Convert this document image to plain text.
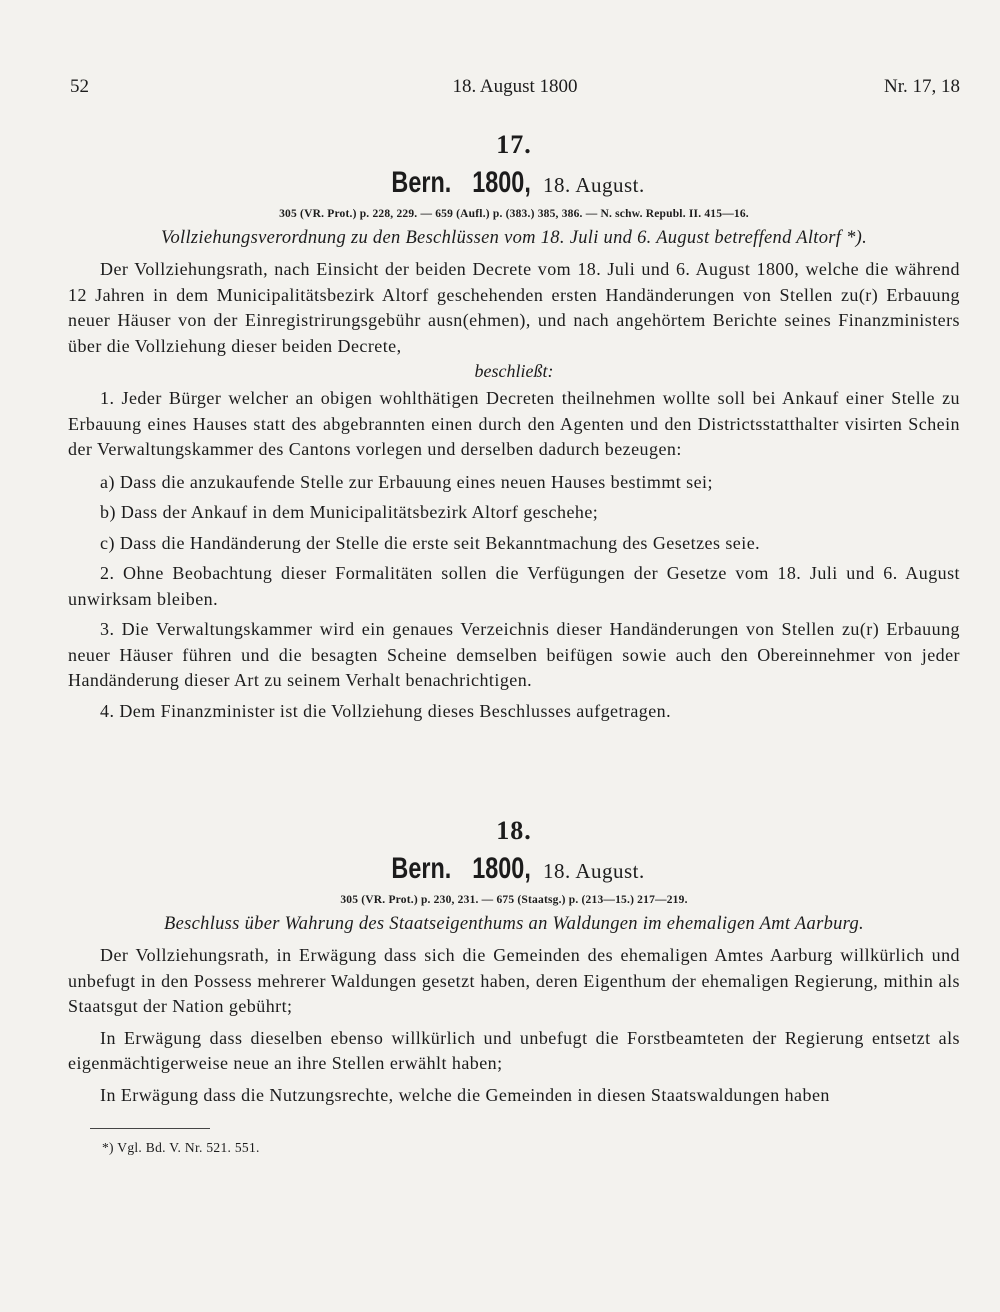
52	18. August 1800	Nr. 17, 18
17.
Bern. 1800, 18. August.
305 (VR. Prot.) p. 228, 229. — 659 (Aufl.) p. (383.) 385, 386. — N. schw. Republ. II. 415—16.
Vollziehungsverordnung zu den Beschlüssen vom 18. Juli und 6. August betreffend Altorf *).

Der Vollziehungsrath, nach Einsicht der beiden Decrete vom 18. Juli und 6. August 1800, welche die während 12 Jahren in dem Municipalitätsbezirk Altorf geschehenden ersten Handänderungen von Stellen zu(r) Erbauung neuer Häuser von der Einregistrirungsgebühr ausn(ehmen), und nach angehörtem Berichte seines Finanzministers über die Vollziehung dieser beiden Decrete,

beschließt:

1. Jeder Bürger welcher an obigen wohlthätigen Decreten theilnehmen wollte soll bei Ankauf einer Stelle zu Erbauung eines Hauses statt des abgebrannten einen durch den Agenten und den Districtsstatthalter visirten Schein der Verwaltungskammer des Cantons vorlegen und derselben dadurch bezeugen:

a) Dass die anzukaufende Stelle zur Erbauung eines neuen Hauses bestimmt sei;

b) Dass der Ankauf in dem Municipalitätsbezirk Altorf geschehe;

c) Dass die Handänderung der Stelle die erste seit Bekanntmachung des Gesetzes seie.

2. Ohne Beobachtung dieser Formalitäten sollen die Verfügungen der Gesetze vom 18. Juli und 6. August unwirksam bleiben.

3. Die Verwaltungskammer wird ein genaues Verzeichnis dieser Handänderungen von Stellen zu(r) Erbauung neuer Häuser führen und die besagten Scheine demselben beifügen sowie auch den Obereinnehmer von jeder Handänderung dieser Art zu seinem Verhalt benachrichtigen.

4. Dem Finanzminister ist die Vollziehung dieses Beschlusses aufgetragen.

18.
Bern. 1800, 18. August.
305 (VR. Prot.) p. 230, 231. — 675 (Staatsg.) p. (213—15.) 217—219.
Beschluss über Wahrung des Staatseigenthums an Waldungen im ehemaligen Amt Aarburg.

Der Vollziehungsrath, in Erwägung dass sich die Gemeinden des ehemaligen Amtes Aarburg willkürlich und unbefugt in den Possess mehrerer Waldungen gesetzt haben, deren Eigenthum der ehemaligen Regierung, mithin als Staatsgut der Nation gebührt;

In Erwägung dass dieselben ebenso willkürlich und unbefugt die Forstbeamteten der Regierung entsetzt als eigenmächtigerweise neue an ihre Stellen erwählt haben;

In Erwägung dass die Nutzungsrechte, welche die Gemeinden in diesen Staatswaldungen haben

*) Vgl. Bd. V. Nr. 521. 551.
